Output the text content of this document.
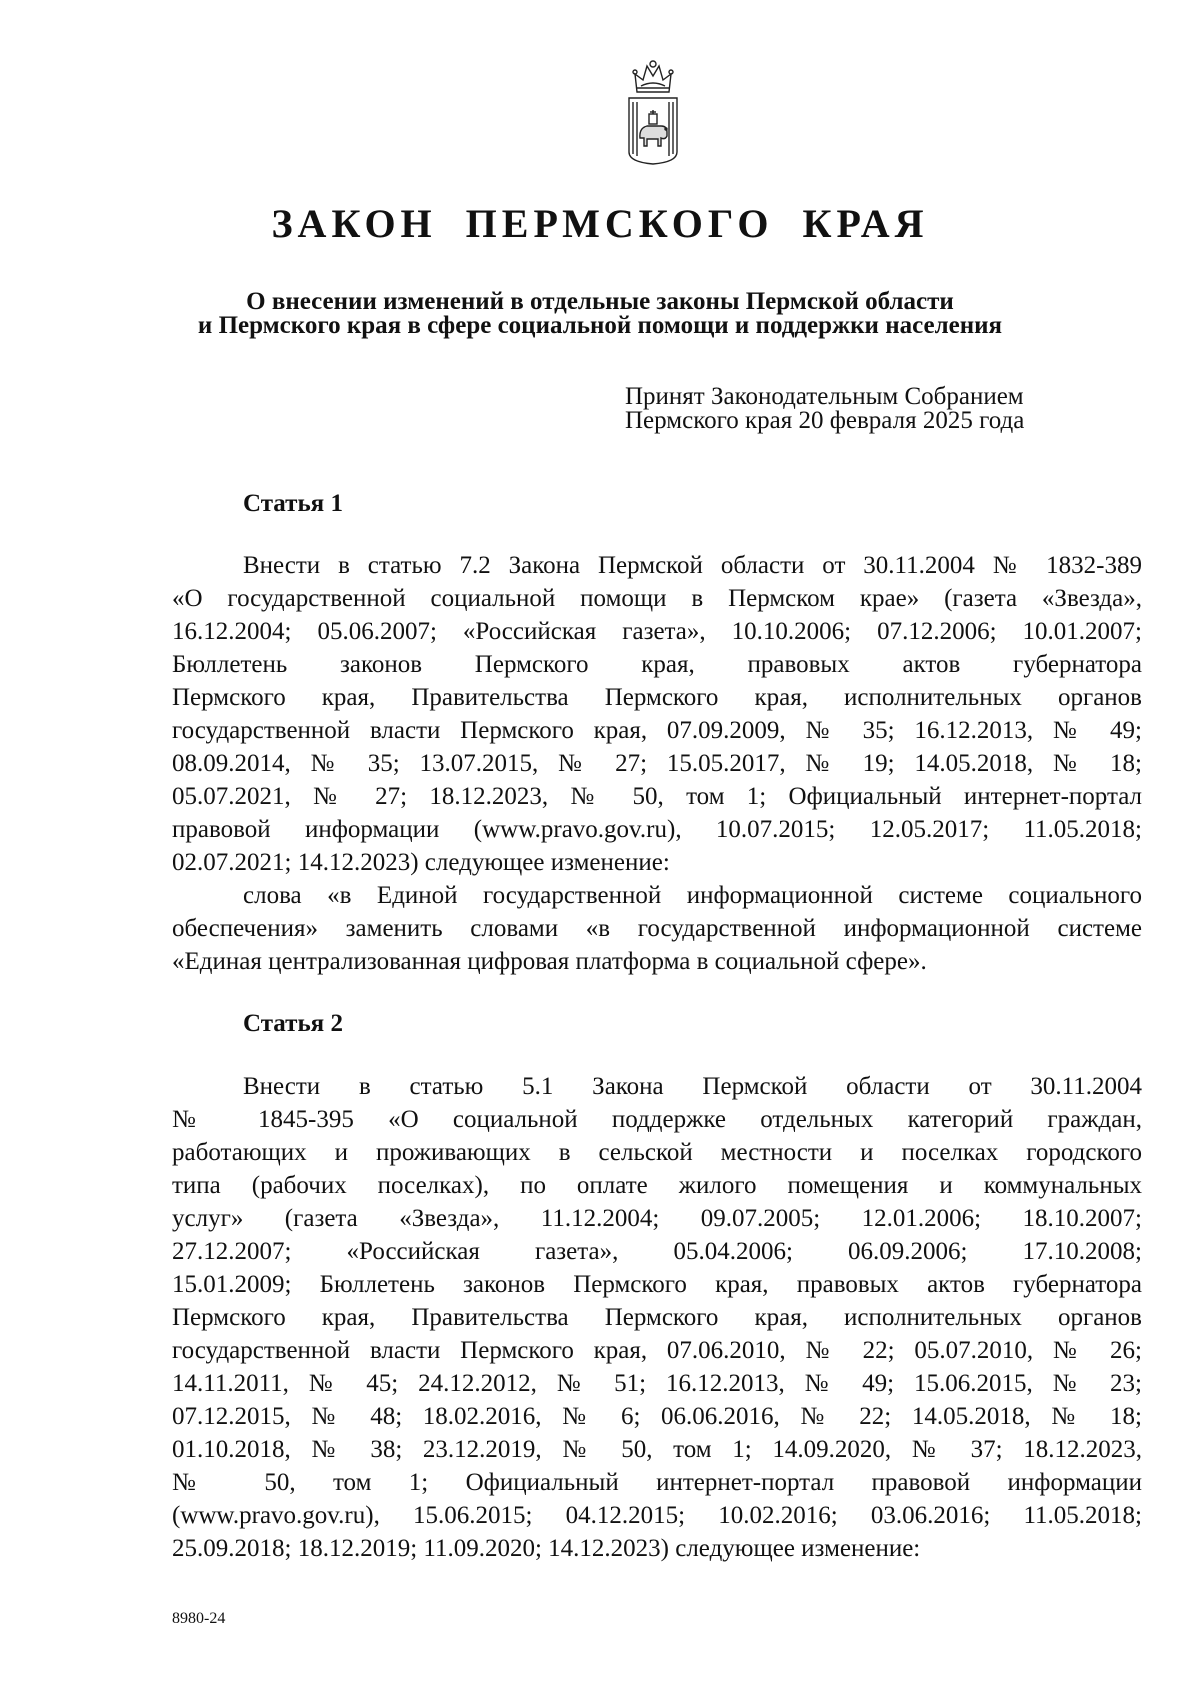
ЗАКОН ПЕРМСКОГО КРАЯ
О внесении изменений в отдельные законы Пермской области
и Пермского края в сфере социальной помощи и поддержки населения
Принят Законодательным Собранием
Пермского края 20 февраля 2025 года
Статья 1
Внести в статью 7.2 Закона Пермской области от 30.11.2004 № 1832-389
«О государственной социальной помощи в Пермском крае» (газета «Звезда»,
16.12.2004; 05.06.2007; «Российская газета», 10.10.2006; 07.12.2006; 10.01.2007;
Бюллетень законов Пермского края, правовых актов губернатора
Пермского края, Правительства Пермского края, исполнительных органов
государственной власти Пермского края, 07.09.2009, № 35; 16.12.2013, № 49;
08.09.2014, № 35; 13.07.2015, № 27; 15.05.2017, № 19; 14.05.2018, № 18;
05.07.2021, № 27; 18.12.2023, № 50, том 1; Официальный интернет-портал
правовой информации (www.pravo.gov.ru), 10.07.2015; 12.05.2017; 11.05.2018;
02.07.2021; 14.12.2023) следующее изменение:
слова «в Единой государственной информационной системе социального
обеспечения» заменить словами «в государственной информационной системе
«Единая централизованная цифровая платформа в социальной сфере».
Статья 2
Внести в статью 5.1 Закона Пермской области от 30.11.2004
№ 1845-395 «О социальной поддержке отдельных категорий граждан,
работающих и проживающих в сельской местности и поселках городского
типа (рабочих поселках), по оплате жилого помещения и коммунальных
услуг» (газета «Звезда», 11.12.2004; 09.07.2005; 12.01.2006; 18.10.2007;
27.12.2007; «Российская газета», 05.04.2006; 06.09.2006; 17.10.2008;
15.01.2009; Бюллетень законов Пермского края, правовых актов губернатора
Пермского края, Правительства Пермского края, исполнительных органов
государственной власти Пермского края, 07.06.2010, № 22; 05.07.2010, № 26;
14.11.2011, № 45; 24.12.2012, № 51; 16.12.2013, № 49; 15.06.2015, № 23;
07.12.2015, № 48; 18.02.2016, № 6; 06.06.2016, № 22; 14.05.2018, № 18;
01.10.2018, № 38; 23.12.2019, № 50, том 1; 14.09.2020, № 37; 18.12.2023,
№ 50, том 1; Официальный интернет-портал правовой информации
(www.pravo.gov.ru), 15.06.2015; 04.12.2015; 10.02.2016; 03.06.2016; 11.05.2018;
25.09.2018; 18.12.2019; 11.09.2020; 14.12.2023) следующее изменение:
8980-24
